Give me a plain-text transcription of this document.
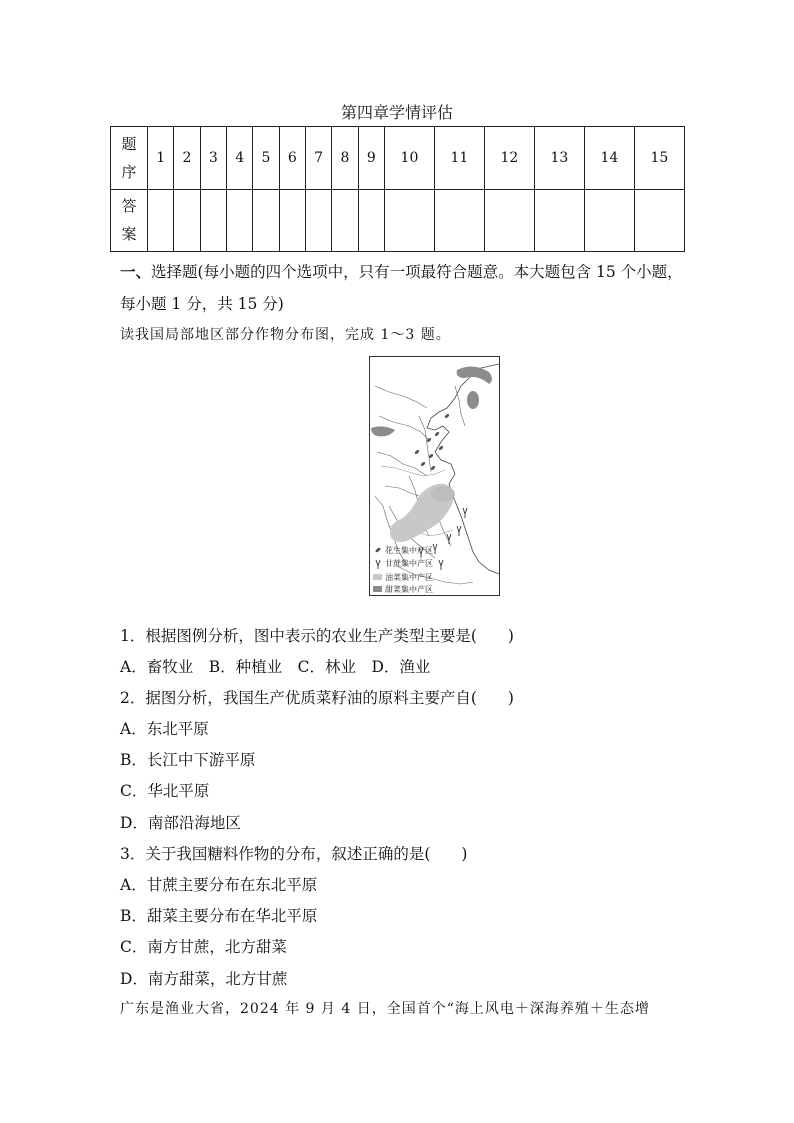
第四章学情评估
题
序	1	2	3	4	5	6	7	8	9	10	11	12	13	14	15

答
案															

一、选择题(每小题的四个选项中，只有一项最符合题意。本大题包含 15 个小题，
每小题 1 分，共 15 分)
读我国局部地区部分作物分布图，完成 1～3 题。
花生集中产区
甘蔗集中产区
油菜集中产区
甜菜集中产区
1．根据图例分析，图中表示的农业生产类型主要是(　　)
A．畜牧业　B．种植业　C．林业　D．渔业
2．据图分析，我国生产优质菜籽油的原料主要产自(　　)
A．东北平原
B．长江中下游平原
C．华北平原
D．南部沿海地区
3．关于我国糖料作物的分布，叙述正确的是(　　)
A．甘蔗主要分布在东北平原
B．甜菜主要分布在华北平原
C．南方甘蔗，北方甜菜
D．南方甜菜，北方甘蔗
广东是渔业大省，2024 年 9 月 4 日，全国首个“海上风电＋深海养殖＋生态增
